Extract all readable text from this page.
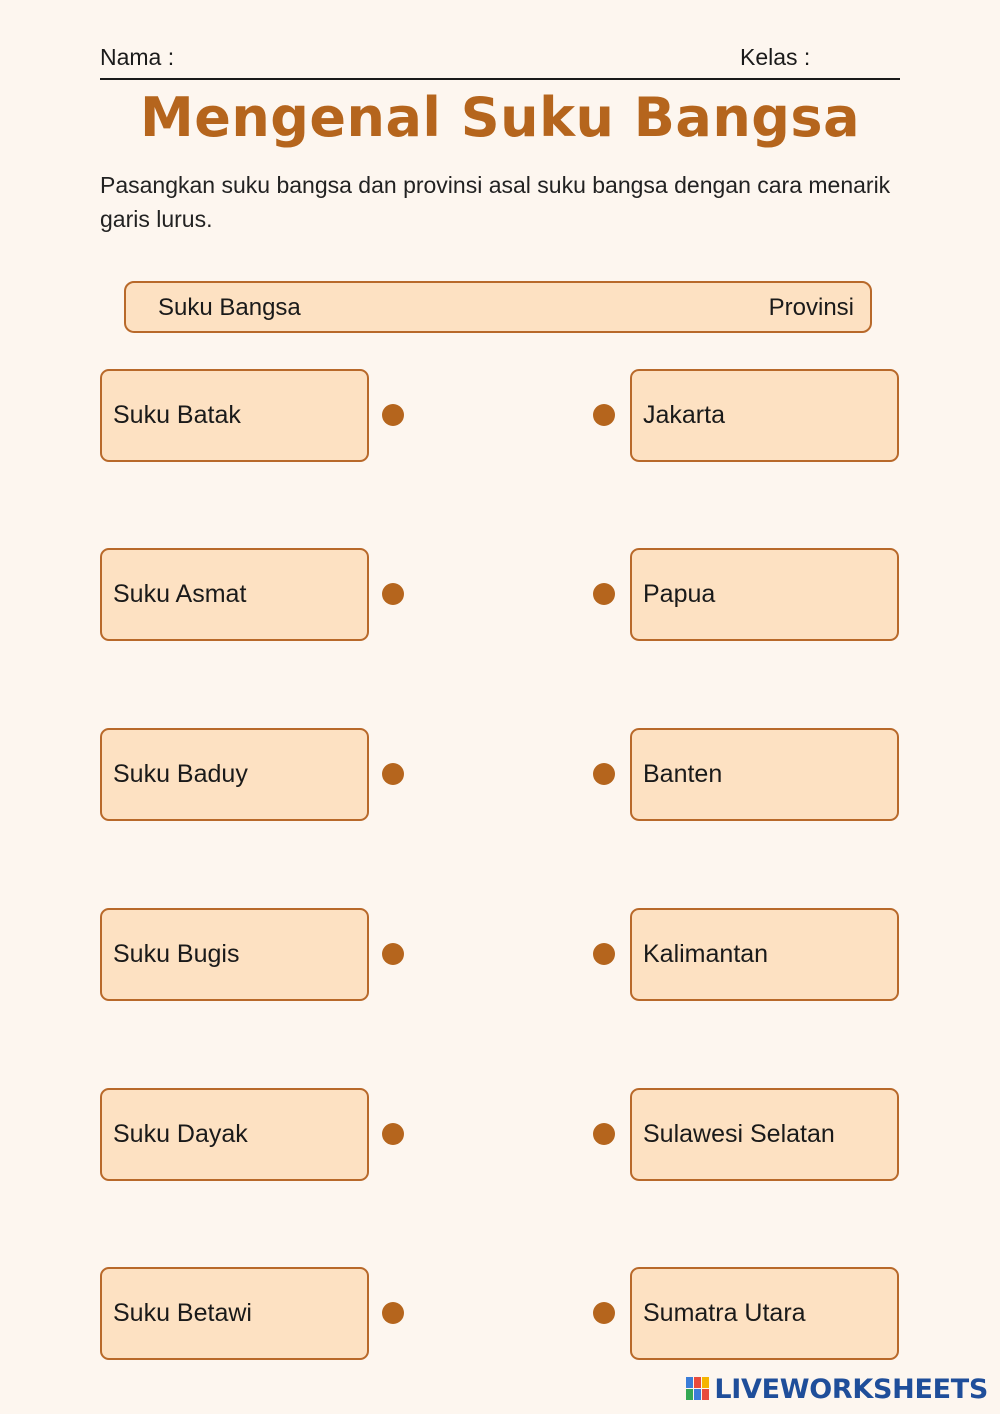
Nama :	Kelas :
Mengenal Suku Bangsa
Pasangkan suku bangsa dan provinsi asal suku bangsa dengan cara menarik garis lurus.
Suku Bangsa	Provinsi
Suku Batak	Jakarta
Suku Asmat	Papua
Suku Baduy	Banten
Suku Bugis	Kalimantan
Suku Dayak	Sulawesi Selatan
Suku Betawi	Sumatra Utara
LIVEWORKSHEETS
